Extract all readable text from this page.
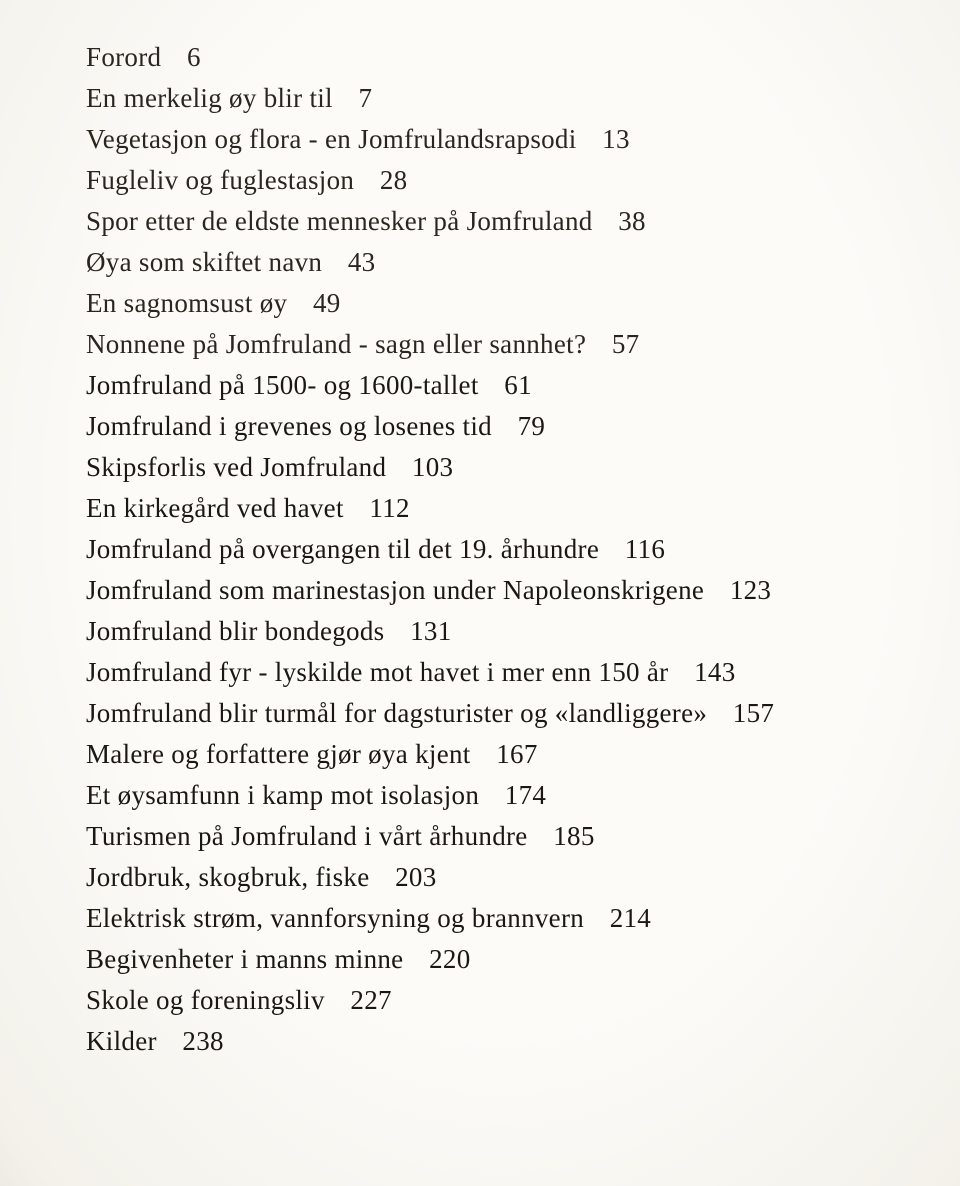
Forord 6
En merkelig øy blir til 7
Vegetasjon og flora - en Jomfrulandsrapsodi 13
Fugleliv og fuglestasjon 28
Spor etter de eldste mennesker på Jomfruland 38
Øya som skiftet navn 43
En sagnomsust øy 49
Nonnene på Jomfruland - sagn eller sannhet? 57
Jomfruland på 1500- og 1600-tallet 61
Jomfruland i grevenes og losenes tid 79
Skipsforlis ved Jomfruland 103
En kirkegård ved havet 112
Jomfruland på overgangen til det 19. århundre 116
Jomfruland som marinestasjon under Napoleonskrigene 123
Jomfruland blir bondegods 131
Jomfruland fyr - lyskilde mot havet i mer enn 150 år 143
Jomfruland blir turmål for dagsturister og «landliggere» 157
Malere og forfattere gjør øya kjent 167
Et øysamfunn i kamp mot isolasjon 174
Turismen på Jomfruland i vårt århundre 185
Jordbruk, skogbruk, fiske 203
Elektrisk strøm, vannforsyning og brannvern 214
Begivenheter i manns minne 220
Skole og foreningsliv 227
Kilder 238
